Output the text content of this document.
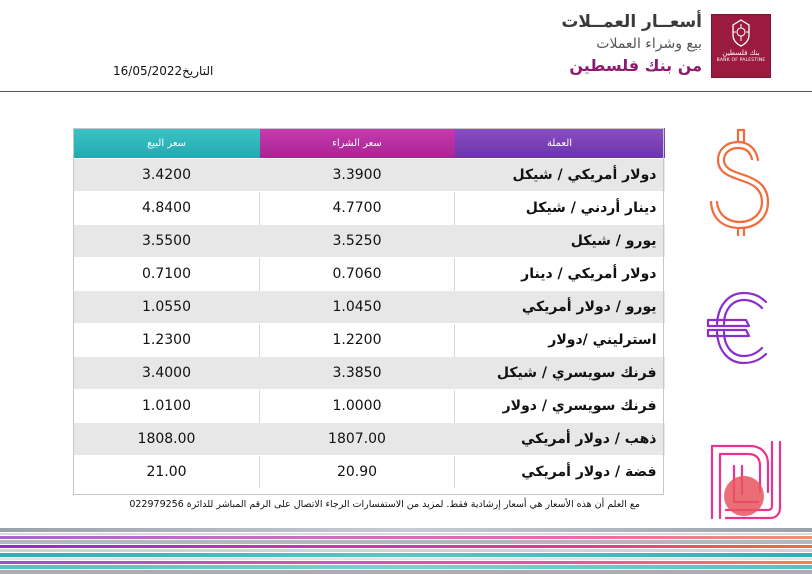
بنك فلسطين
BANK OF PALESTINE
أسعــار العمــلات
بيع وشراء العملات
من بنك فلسطين
16/05/2022التاريخ
سعر البيع	سعر الشراء	العملة
3.4200	3.3900	دولار أمريكي / شيكل
4.8400	4.7700	دينار أردني / شيكل
3.5500	3.5250	يورو / شيكل
0.7100	0.7060	دولار أمريكي / دينار
1.0550	1.0450	يورو / دولار أمريكي
1.2300	1.2200	استرليني /دولار
3.4000	3.3850	فرنك سويسري / شيكل
1.0100	1.0000	فرنك سويسري / دولار
1808.00	1807.00	ذهب / دولار أمريكي
21.00	20.90	فضة / دولار أمريكي
مع العلم أن هذه الأسعار هي أسعار إرشادية فقط. لمزيد من الاستفسارات الرجاء الاتصال على الرقم المباشر للدائرة 022979256
